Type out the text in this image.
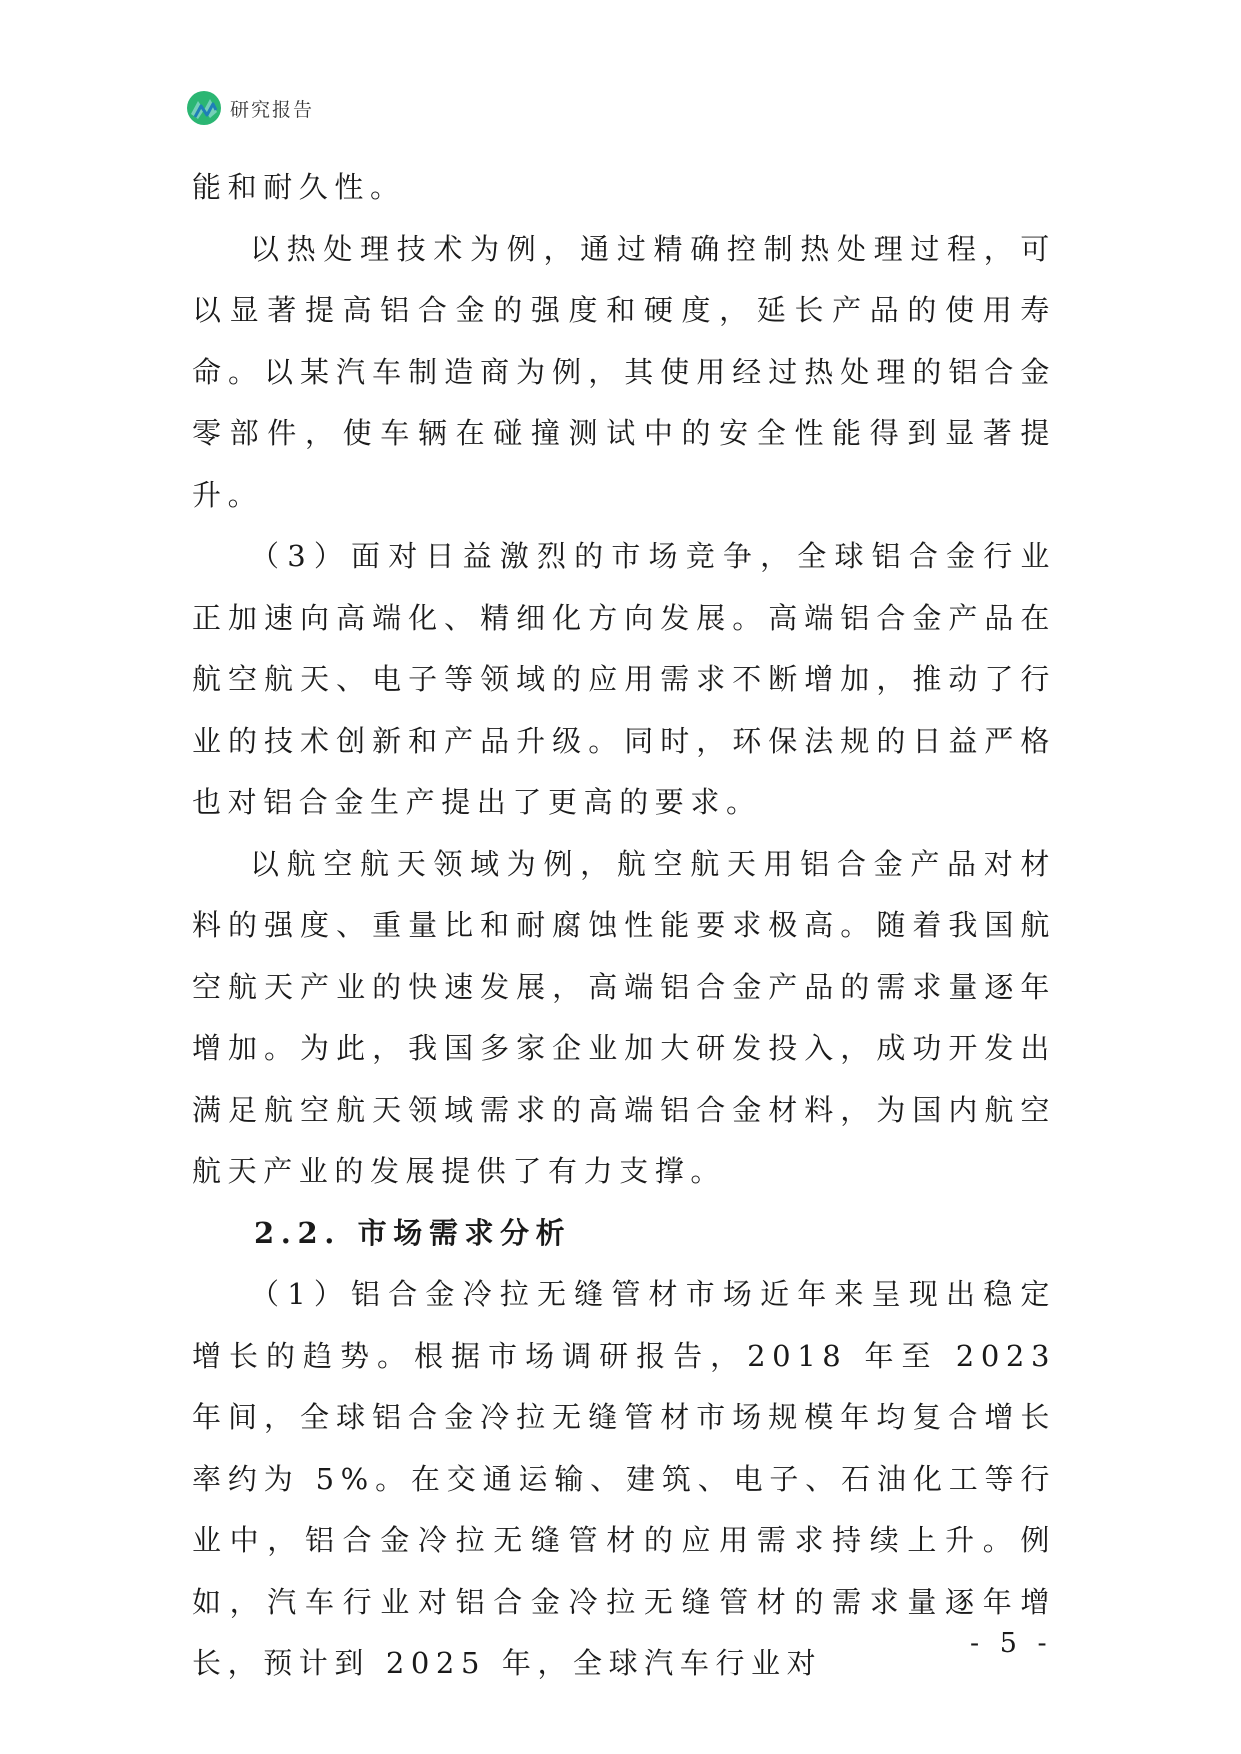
研究报告

能和耐久性。

以热处理技术为例，通过精确控制热处理过程，可以显著提高铝合金的强度和硬度，延长产品的使用寿命。以某汽车制造商为例，其使用经过热处理的铝合金零部件，使车辆在碰撞测试中的安全性能得到显著提升。

（3）面对日益激烈的市场竞争，全球铝合金行业正加速向高端化、精细化方向发展。高端铝合金产品在航空航天、电子等领域的应用需求不断增加，推动了行业的技术创新和产品升级。同时，环保法规的日益严格也对铝合金生产提出了更高的要求。

以航空航天领域为例，航空航天用铝合金产品对材料的强度、重量比和耐腐蚀性能要求极高。随着我国航空航天产业的快速发展，高端铝合金产品的需求量逐年增加。为此，我国多家企业加大研发投入，成功开发出满足航空航天领域需求的高端铝合金材料，为国内航空航天产业的发展提供了有力支撑。

2.2. 市场需求分析

（1）铝合金冷拉无缝管材市场近年来呈现出稳定增长的趋势。根据市场调研报告，2018 年至 2023 年间，全球铝合金冷拉无缝管材市场规模年均复合增长率约为 5%。在交通运输、建筑、电子、石油化工等行业中，铝合金冷拉无缝管材的应用需求持续上升。例如，汽车行业对铝合金冷拉无缝管材的需求量逐年增长，预计到 2025 年，全球汽车行业对

- 5 -
